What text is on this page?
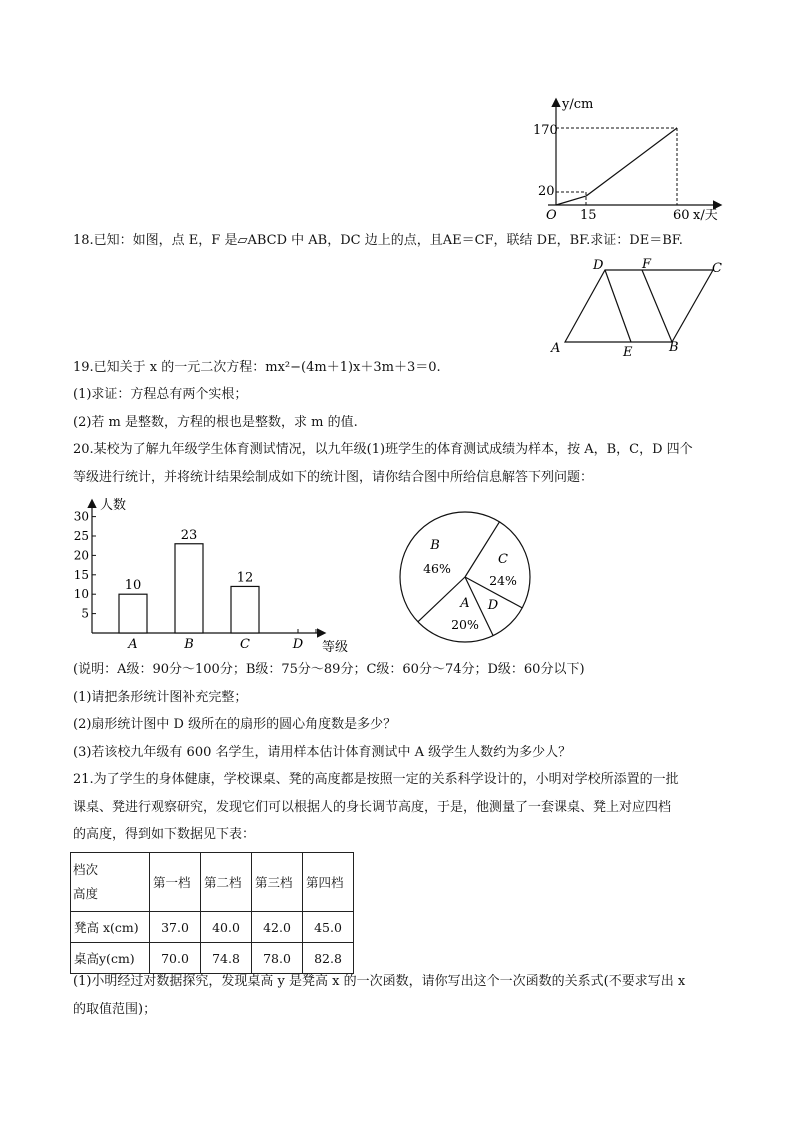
y/cm
x/天
O
170
20
15	60
18.已知：如图，点 E，F 是▱ABCD 中 AB，DC 边上的点，且AE＝CF，联结 DE，BF.求证：DE＝BF.
D	F	C
A	E	B
19.已知关于 x 的一元二次方程：mx²−(4m＋1)x＋3m＋3＝0.
(1)求证：方程总有两个实根；
(2)若 m 是整数，方程的根也是整数，求 m 的值.
20.某校为了解九年级学生体育测试情况，以九年级(1)班学生的体育测试成绩为样本，按 A，B，C，D 四个
等级进行统计，并将统计结果绘制成如下的统计图，请你结合图中所给信息解答下列问题：
人数
等级
5
10
15
20
25
30
A
10
B
23
C
12
D
B
46%
C
24%
D
A
20%
(说明：A级：90分～100分；B级：75分～89分；C级：60分～74分；D级：60分以下)
(1)请把条形统计图补充完整；
(2)扇形统计图中 D 级所在的扇形的圆心角度数是多少？
(3)若该校九年级有 600 名学生，请用样本估计体育测试中 A 级学生人数约为多少人？
21.为了学生的身体健康，学校课桌、凳的高度都是按照一定的关系科学设计的，小明对学校所添置的一批
课桌、凳进行观察研究，发现它们可以根据人的身长调节高度，于是，他测量了一套课桌、凳上对应四档
的高度，得到如下数据见下表：
档次
高度	第一档	第二档	第三档	第四档
凳高 x(cm)	37.0	40.0	42.0	45.0
桌高y(cm)	70.0	74.8	78.0	82.8
(1)小明经过对数据探究，发现桌高 y 是凳高 x 的一次函数，请你写出这个一次函数的关系式(不要求写出 x
的取值范围)；
